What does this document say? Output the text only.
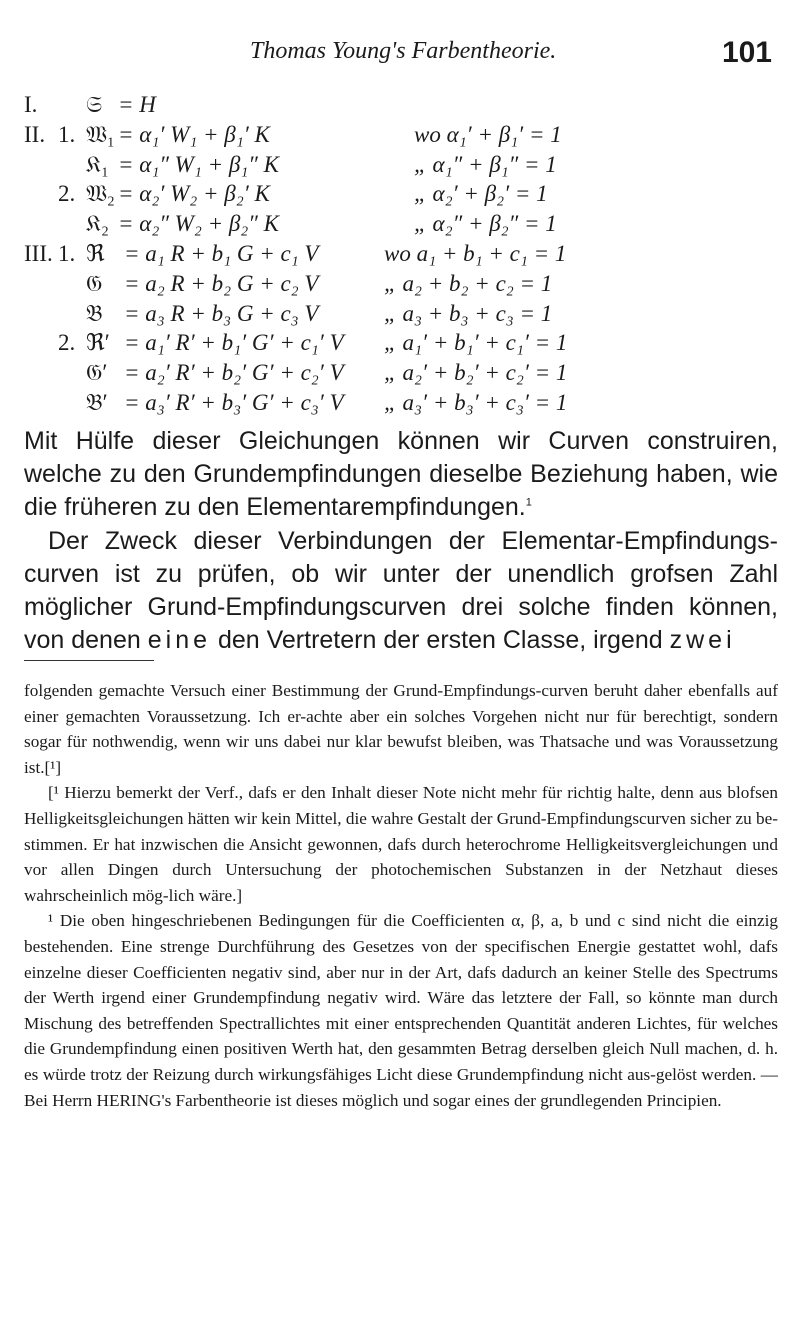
Thomas Young's Farbentheorie.	101
I. 𝔖 = H
II. 1. 𝔚₁ = α₁′ W₁ + β₁′ K	wo α₁′ + β₁′ = 1
𝔎₁ = α₁″ W₁ + β₁″ K	„ α₁″ + β₁″ = 1
2. 𝔚₂ = α₂′ W₂ + β₂′ K	„ α₂′ + β₂′ = 1
𝔎₂ = α₂″ W₂ + β₂″ K	„ α₂″ + β₂″ = 1
III. 1. ℜ = a₁ R + b₁ G + c₁ V	wo a₁ + b₁ + c₁ = 1
𝔊 = a₂ R + b₂ G + c₂ V	„ a₂ + b₂ + c₂ = 1
𝔅 = a₃ R + b₃ G + c₃ V	„ a₃ + b₃ + c₃ = 1
2. ℜ′ = a₁′ R′ + b₁′ G′ + c₁′ V „ a₁′ + b₁′ + c₁′ = 1
𝔊′ = a₂′ R′ + b₂′ G′ + c₂′ V „ a₂′ + b₂′ + c₂′ = 1
𝔅′ = a₃′ R′ + b₃′ G′ + c₃′ V „ a₃′ + b₃′ + c₃′ = 1

Mit Hülfe dieser Gleichungen können wir Curven construiren, welche zu den Grundempfindungen dieselbe Beziehung haben, wie die früheren zu den Elementarempfindungen.$^1$

Der Zweck dieser Verbindungen der Elementar-Empfindungs-curven ist zu prüfen, ob wir unter der unendlich grofsen Zahl möglicher Grund-Empfindungscurven drei solche finden können, von denen eine den Vertretern der ersten Classe, irgend zwei

folgenden gemachte Versuch einer Bestimmung der Grund-Empfindungs-curven beruht daher ebenfalls auf einer gemachten Voraussetzung. Ich er-achte aber ein solches Vorgehen nicht nur für berechtigt, sondern sogar für nothwendig, wenn wir uns dabei nur klar bewufst bleiben, was Thatsache und was Voraussetzung ist.[¹]

[¹ Hierzu bemerkt der Verf., dafs er den Inhalt dieser Note nicht mehr für richtig halte, denn aus blofsen Helligkeitsgleichungen hätten wir kein Mittel, die wahre Gestalt der Grund-Empfindungscurven sicher zu be-stimmen. Er hat inzwischen die Ansicht gewonnen, dafs durch heterochrome Helligkeitsvergleichungen und vor allen Dingen durch Untersuchung der photochemischen Substanzen in der Netzhaut dieses wahrscheinlich mög-lich wäre.]

¹ Die oben hingeschriebenen Bedingungen für die Coefficienten α, β, a, b und c sind nicht die einzig bestehenden. Eine strenge Durchführung des Gesetzes von der specifischen Energie gestattet wohl, dafs einzelne dieser Coefficienten negativ sind, aber nur in der Art, dafs dadurch an keiner Stelle des Spectrums der Werth irgend einer Grundempfindung negativ wird. Wäre das letztere der Fall, so könnte man durch Mischung des betreffenden Spectrallichtes mit einer entsprechenden Quantität anderen Lichtes, für welches die Grundempfindung einen positiven Werth hat, den gesammten Betrag derselben gleich Null machen, d. h. es würde trotz der Reizung durch wirkungsfähiges Licht diese Grundempfindung nicht aus-gelöst werden. — Bei Herrn HERING's Farbentheorie ist dieses möglich und sogar eines der grundlegenden Principien.
